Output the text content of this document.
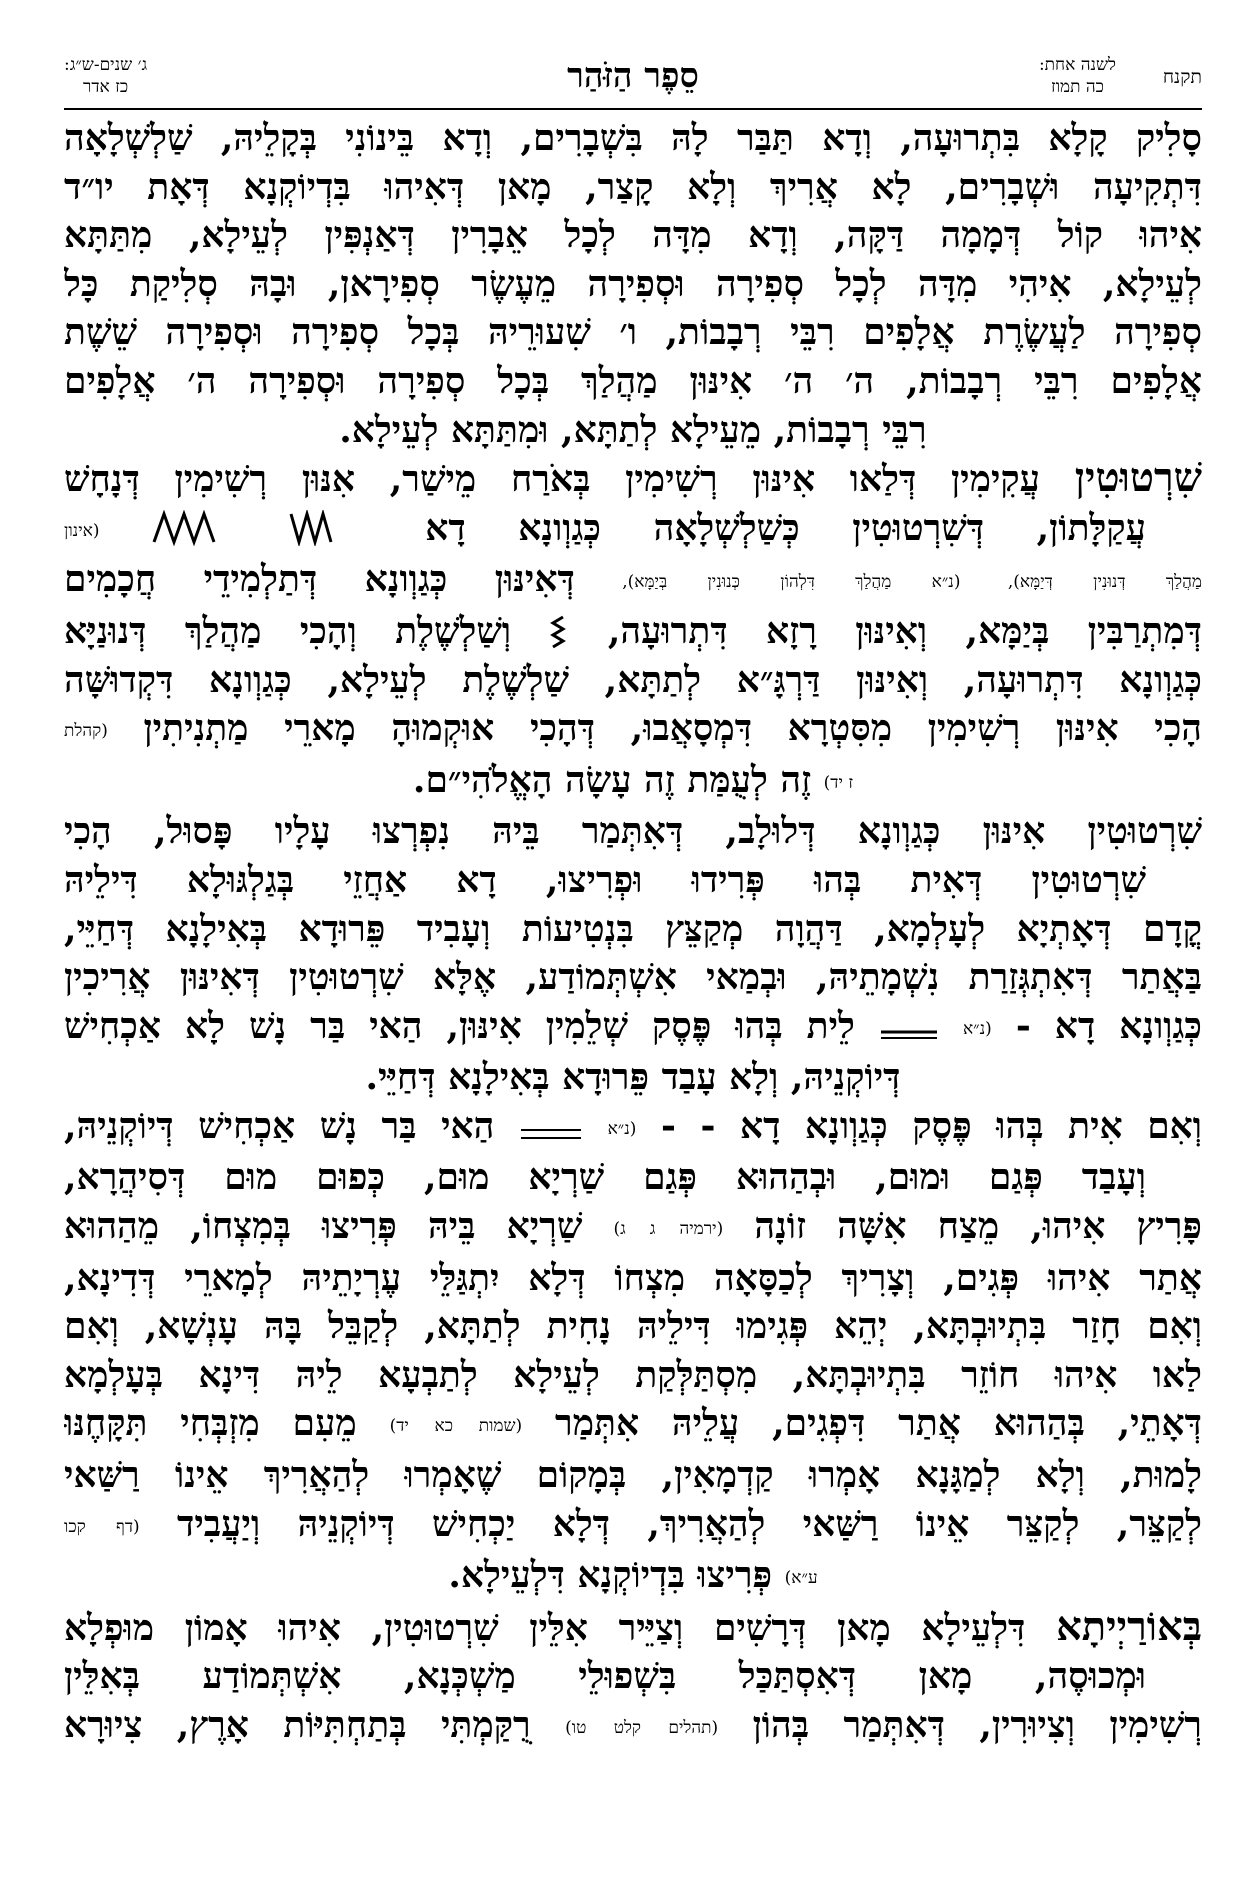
תקנח
לשנה אחת:
כה תמוז
סֵפֶר הַזֹּהַר
ג׳ שנים-ש״ג:
כז אדר
סָלִיק קָלָא בִּתְרוּעָה, וְדָא תַּבַּר לָהּ בִּשְׁבָרִים, וְדָא בֵּינוֹנִי בְּקָלֵיהּ, שַׁלְשְׁלָאָה
דִּתְקִיעָה וּשְׁבָרִים, לָא אֲרִיךְ וְלָא קָצַר, מָאן דְּאִיהוּ בִּדְיוֹקְנָא דְּאָת יו״ד
אִיהוּ קוֹל דְּמָמָה דַּקָּה, וְדָא מִדָּה לְכָל אֵבָרִין דְּאַנְפִּין לְעֵילָא, מִתַּתָּא
לְעֵילָא, אִיהִי מִדָּה לְכָל סְפִירָה וּסְפִירָה מֵעֶשֶׂר סְפִירָאן, וּבָהּ סְלִיקַת כָּל
סְפִירָה לַעֲשֶׂרֶת אֲלָפִים רִבֵּי רְבָבוֹת, ו׳ שִׁעוּרֵיהּ בְּכָל סְפִירָה וּסְפִירָה שֵׁשֶׁת
אֲלָפִים רִבֵּי רְבָבוֹת, ה׳ ה׳ אִינּוּן מַהֲלַךְ בְּכָל סְפִירָה וּסְפִירָה ה׳ אֲלָפִים
רִבֵּי רְבָבוֹת, מֵעֵילָא לְתַתָּא, וּמִתַּתָּא לְעֵילָא.
שִׁרְטוּטִין עֲקִימִין דְּלַאו אִינּוּן רְשִׁימִין בְּאֹרַח מֵישַׁר, אִנּוּן רְשִׁימִין דְּנָחָשׁ
עֲקַלָּתוֹן, דְּשִׁרְטוּטִין כְּשַׁלְשְׁלָאָה כְּגַוְונָא דָא   (אינון
מַהֲלַךְ דְּנוּנִין דְּיַמָּא), (נ״א מַהֲלַךְ דִּלְהוֹן כְּנוּנִין בְּיַמָּא), דְּאִינּוּן כְּגַוְונָא דְּתַלְמִידֵי חֲכָמִים
דְּמִתְרַבִּין בְּיַמָּא, וְאִינּוּן רָזָא דִּתְרוּעָה,  וְשַׁלְשֶׁלֶת וְהָכִי מַהֲלַךְ דְּנוּנַיָּא
כְּגַוְונָא דִּתְרוּעָה, וְאִינּוּן דַּרְגָּ״א לְתַתָּא, שַׁלְשֶׁלֶת לְעֵילָא, כְּגַוְונָא דִּקְדוּשָּׁה
הָכִי אִינּוּן רְשִׁימִין מִסִּטְרָא דִּמְסָאֲבוּ, דְּהָכִי אוּקְמוּהָ מָארֵי מַתְנִיתִין (קהלת
ז יד) זֶה לְעֻמַּת זֶה עָשָׂה הָאֱלֹהִי״ם.
שִׁרְטוּטִין אִינּוּן כְּגַוְונָא דְּלוּלָב, דְּאִתְּמַר בֵּיהּ נִפְרְצוּ עָלָיו פָּסוּל, הָכִי
שִׁרְטוּטִין דְּאִית בְּהוּ פְּרִידוּ וּפְרִיצוּ, דָא אַחֲזֵי בְּגַלְגּוּלָא דִּילֵיהּ
קֳדָם דְּאָתְיָא לְעָלְמָא, דַּהֲוָה מְקַצֵּץ בִּנְטִיעוֹת וְעָבִיד פֵּרוּדָא בְּאִילָנָא דְּחַיֵּי,
בַּאֲתַר דְּאִתְגְּזַרַת נִשְׁמָתֵיהּ, וּבְמַאי אִשְׁתְּמוֹדַע, אֶלָּא שִׁרְטוּטִין דְּאִינּוּן אֲרִיכִין
כְּגַוְונָא דָא - (נ״א  לֵית בְּהוּ פֶּסֶק שְׁלֵמִין אִינּוּן, הַאי בַּר נָשׁ לָא אַכְחִישׁ
דְּיוֹקְנֵיהּ, וְלָא עָבַד פֵּרוּדָא בְּאִילָנָא דְּחַיֵּי.
וְאִם אִית בְּהוּ פֶּסֶק כְּגַוְונָא דָא - - (נ״א  הַאי בַּר נָשׁ אַכְחִישׁ דְּיוֹקְנֵיהּ,
וְעָבַד פְּגַם וּמוּם, וּבְהַהוּא פְּגַם שַׁרְיָא מוּם, כְּפוּם מוּם דְּסִיהֲרָא,
פָּרִיץ אִיהוּ, מֵצַח אִשָּׁה זוֹנָה (ירמיה ג ג) שַׁרְיָא בֵּיהּ פְּרִיצוּ בְּמִצְחוֹ, מֵהַהוּא
אֲתַר אִיהוּ פְּגִים, וְצָרִיךְ לְכַסָּאָה מִצְחוֹ דְּלָא יִתְגַּלֵּי עֶרְיָתֵיהּ לְמָארֵי דְּדִינָא,
וְאִם חָזַר בִּתְיוּבְתָּא, יְהֵא פְּגִימוּ דִּילֵיהּ נָחִית לְתַתָּא, לְקַבֵּל בָּהּ עָנְשָׁא, וְאִם
לַאו אִיהוּ חוֹזֵר בִּתְיוּבְתָּא, מִסְתַּלְּקַת לְעֵילָא לְתַבְעָא לֵיהּ דִּינָא בְּעָלְמָא
דְּאָתֵי, בְּהַהוּא אֲתַר דִּפְגִים, עֲלֵיהּ אִתְּמַר (שמות כא יד) מֵעִם מִזְבְּחִי תִּקָּחֶנּוּ
לָמוּת, וְלָא לְמַגָּנָא אָמְרוּ קַדְמָאִין, בְּמָקוֹם שֶׁאָמְרוּ לְהַאֲרִיךְ אֵינוֹ רַשַּׁאי
לְקַצֵּר, לְקַצֵּר אֵינוֹ רַשַּׁאי לְהַאֲרִיךְ, דְּלָא יַכְחִישׁ דְּיוֹקְנֵיהּ וְיַעֲבִיד (דף קכו
ע״א) פְּרִיצוּ בִּדְיוֹקְנָא דִּלְעֵילָא.
בְּאוֹרַיְיתָא דִּלְעֵילָא מָאן דְּרָשִׁים וְצַיֵּיר אִלֵּין שִׁרְטוּטִין, אִיהוּ אָמוֹן מוּפְלָא
וּמְכוּסֶה, מָאן דְּאִסְתַּכַּל בִּשְׁפוּלֵי מַשְׁכְּנָא, אִשְׁתְּמוֹדַע בְּאִלֵּין
רְשִׁימִין וְצִיוּרִין, דְּאִתְּמַר בְּהוֹן (תהלים קלט טו) רֻקַּמְתִּי בְּתַחְתִּיּוֹת אָרֶץ, צִיוּרָא
